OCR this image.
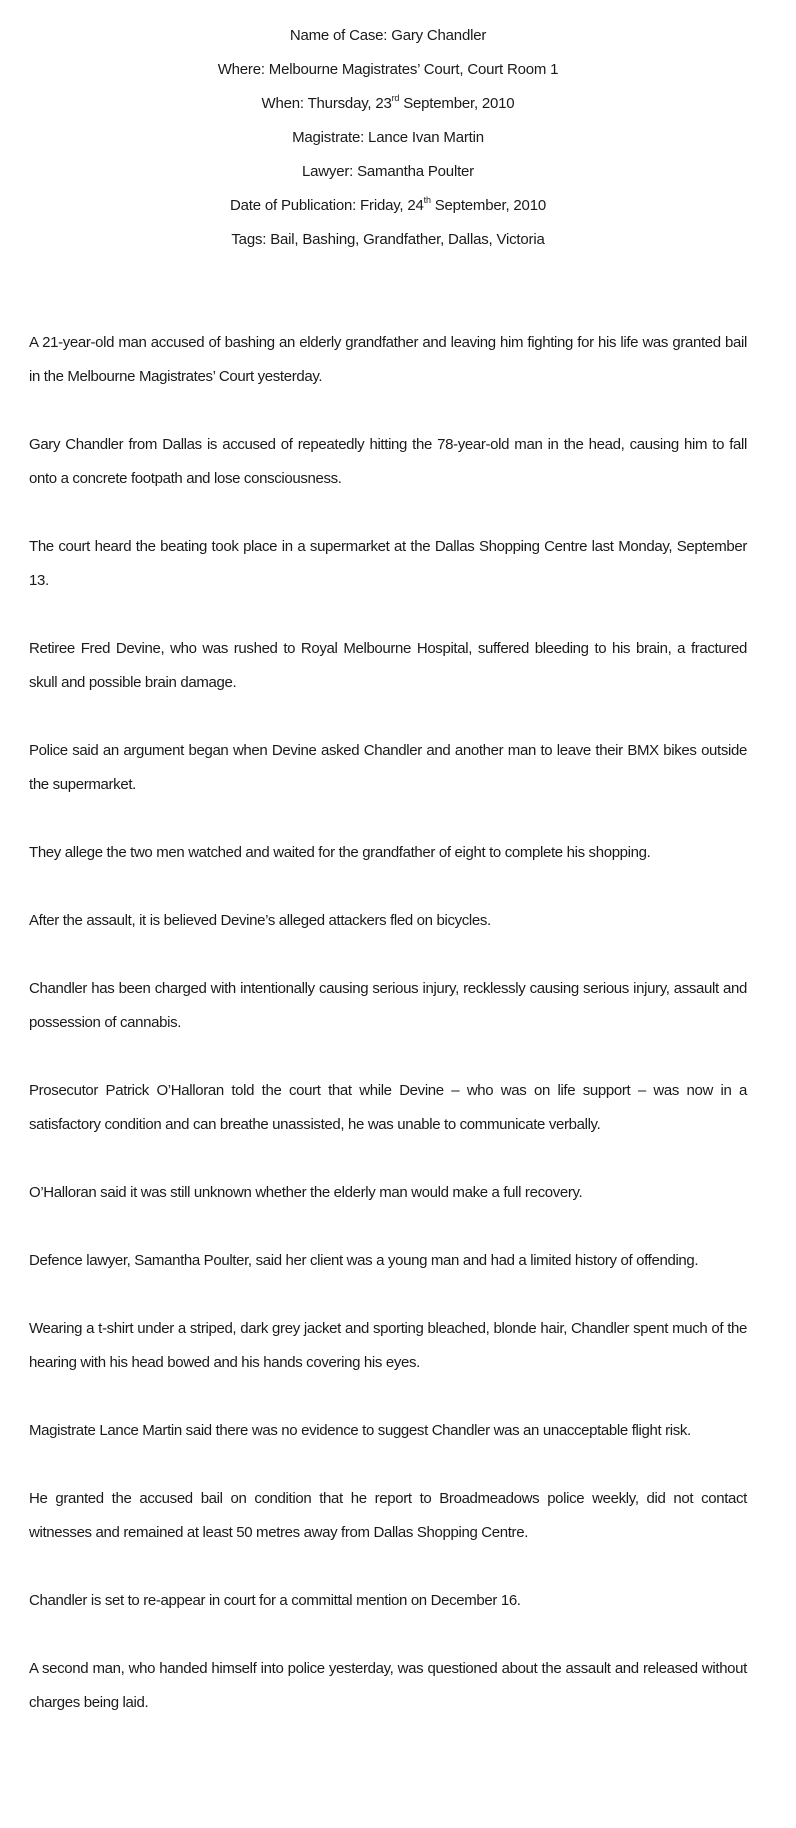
Name of Case: Gary Chandler
Where: Melbourne Magistrates’ Court, Court Room 1
When: Thursday, 23rd September, 2010
Magistrate: Lance Ivan Martin
Lawyer: Samantha Poulter
Date of Publication: Friday, 24th September, 2010
Tags: Bail, Bashing, Grandfather, Dallas, Victoria

A 21-year-old man accused of bashing an elderly grandfather and leaving him fighting for his life was granted bail in the Melbourne Magistrates’ Court yesterday.

Gary Chandler from Dallas is accused of repeatedly hitting the 78-year-old man in the head, causing him to fall onto a concrete footpath and lose consciousness.

The court heard the beating took place in a supermarket at the Dallas Shopping Centre last Monday, September 13.

Retiree Fred Devine, who was rushed to Royal Melbourne Hospital, suffered bleeding to his brain, a fractured skull and possible brain damage.

Police said an argument began when Devine asked Chandler and another man to leave their BMX bikes outside the supermarket.

They allege the two men watched and waited for the grandfather of eight to complete his shopping.

After the assault, it is believed Devine’s alleged attackers fled on bicycles.

Chandler has been charged with intentionally causing serious injury, recklessly causing serious injury, assault and possession of cannabis.

Prosecutor Patrick O’Halloran told the court that while Devine – who was on life support – was now in a satisfactory condition and can breathe unassisted, he was unable to communicate verbally.

O’Halloran said it was still unknown whether the elderly man would make a full recovery.

Defence lawyer, Samantha Poulter, said her client was a young man and had a limited history of offending.

Wearing a t-shirt under a striped, dark grey jacket and sporting bleached, blonde hair, Chandler spent much of the hearing with his head bowed and his hands covering his eyes.

Magistrate Lance Martin said there was no evidence to suggest Chandler was an unacceptable flight risk.

He granted the accused bail on condition that he report to Broadmeadows police weekly, did not contact witnesses and remained at least 50 metres away from Dallas Shopping Centre.

Chandler is set to re-appear in court for a committal mention on December 16.

A second man, who handed himself into police yesterday, was questioned about the assault and released without charges being laid.
